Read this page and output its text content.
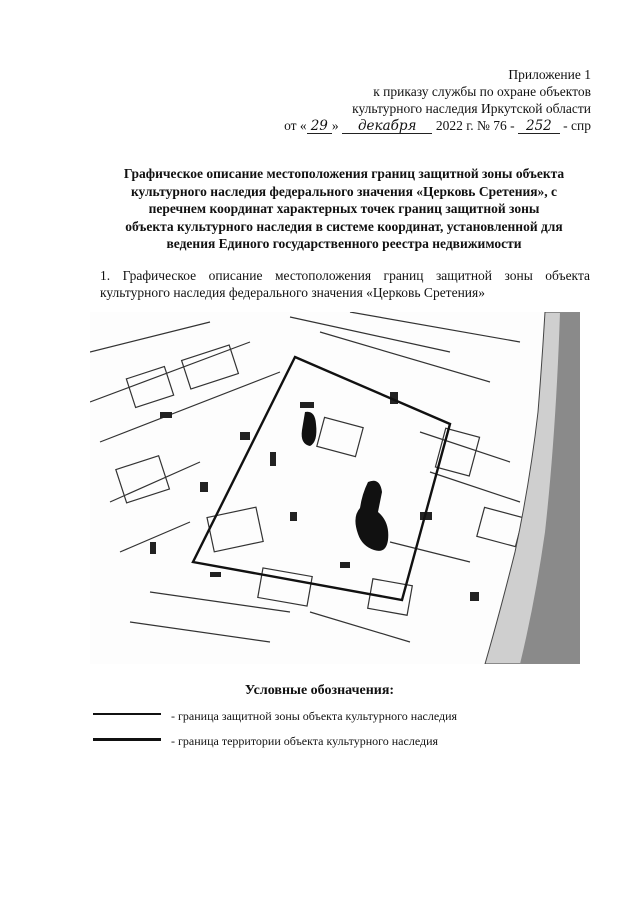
Приложение 1
к приказу службы по охране объектов
культурного наследия Иркутской области
от « 29 » декабря 2022 г. № 76 - 252 - спр
Графическое описание местоположения границ защитной зоны объекта
культурного наследия федерального значения «Церковь Сретения», с
перечнем координат характерных точек границ защитной зоны
объекта культурного наследия в системе координат, установленной для
ведения Единого государственного реестра недвижимости
1. Графическое описание местоположения границ защитной зоны объекта культурного наследия федерального значения «Церковь Сретения»
Условные обозначения:
- граница защитной зоны объекта культурного наследия
- граница территории объекта культурного наследия
